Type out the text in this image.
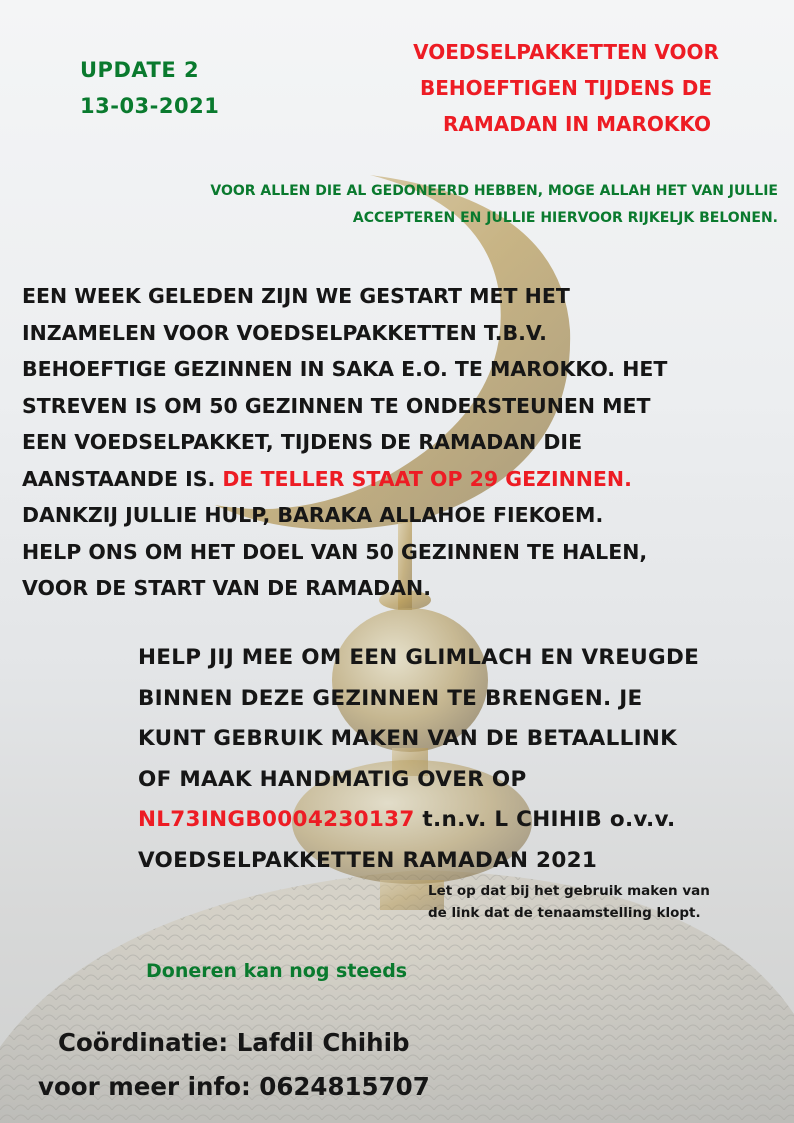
UPDATE 2
13-03-2021
VOEDSELPAKKETTEN VOOR
BEHOEFTIGEN TIJDENS DE
RAMADAN IN MAROKKO
VOOR ALLEN DIE AL GEDONEERD HEBBEN, MOGE ALLAH HET VAN JULLIE
ACCEPTEREN EN JULLIE HIERVOOR RIJKELJK BELONEN.
EEN WEEK GELEDEN ZIJN WE GESTART MET HET
INZAMELEN VOOR VOEDSELPAKKETTEN T.B.V.
BEHOEFTIGE GEZINNEN IN SAKA E.O. TE MAROKKO. HET
STREVEN IS OM 50 GEZINNEN TE ONDERSTEUNEN MET
EEN VOEDSELPAKKET, TIJDENS DE RAMADAN DIE
AANSTAANDE IS. DE TELLER STAAT OP 29 GEZINNEN.
DANKZIJ JULLIE HULP, BARAKA ALLAHOE FIEKOEM.
HELP ONS OM HET DOEL VAN 50 GEZINNEN TE HALEN,
VOOR DE START VAN DE RAMADAN.
HELP JIJ MEE OM EEN GLIMLACH EN VREUGDE
BINNEN DEZE GEZINNEN TE BRENGEN. JE
KUNT GEBRUIK MAKEN VAN DE BETAALLINK
OF MAAK HANDMATIG OVER OP
NL73INGB0004230137 t.n.v. L CHIHIB o.v.v.
VOEDSELPAKKETTEN RAMADAN 2021
Let op dat bij het gebruik maken van
de link dat de tenaamstelling klopt.
Doneren kan nog steeds
Coördinatie: Lafdil Chihib
voor meer info: 0624815707
